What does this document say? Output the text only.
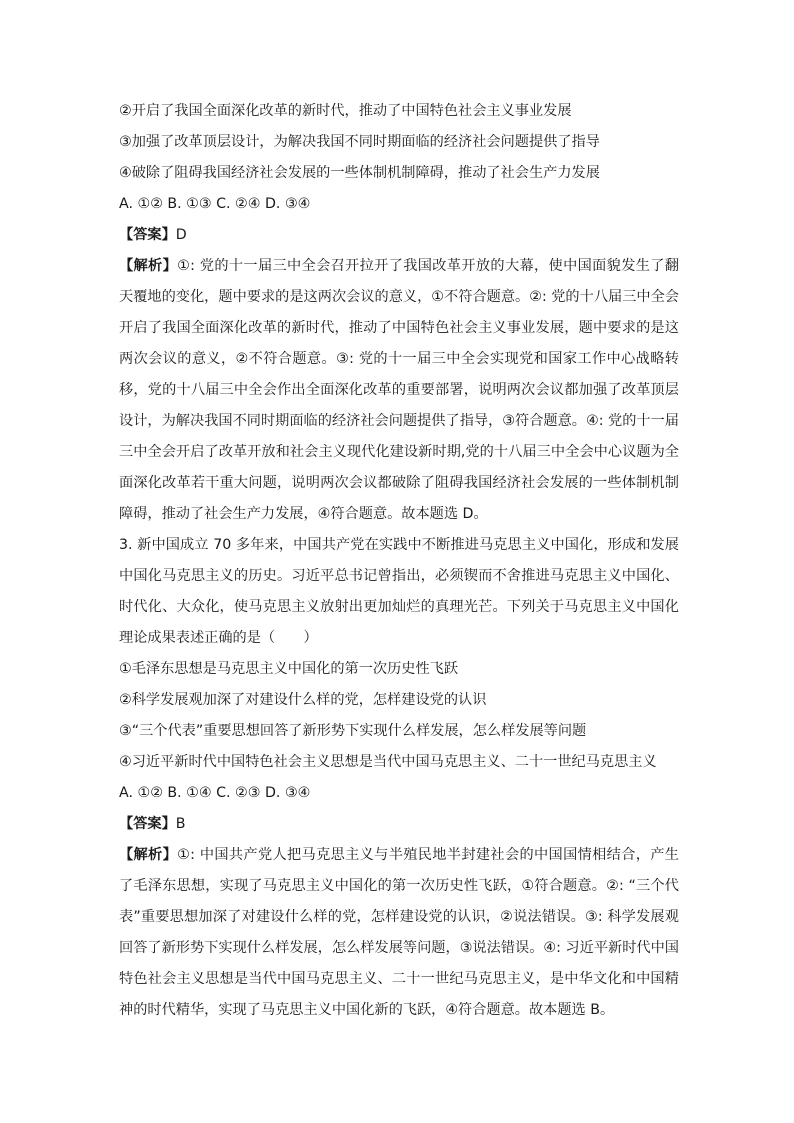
②开启了我国全面深化改革的新时代，推动了中国特色社会主义事业发展

③加强了改革顶层设计，为解决我国不同时期面临的经济社会问题提供了指导

④破除了阻碍我国经济社会发展的一些体制机制障碍，推动了社会生产力发展

A. ①② B. ①③ C. ②④ D. ③④

【答案】D

【解析】①: 党的十一届三中全会召开拉开了我国改革开放的大幕，使中国面貌发生了翻天覆地的变化，题中要求的是这两次会议的意义，①不符合题意。②: 党的十八届三中全会开启了我国全面深化改革的新时代，推动了中国特色社会主义事业发展，题中要求的是这两次会议的意义，②不符合题意。③: 党的十一届三中全会实现党和国家工作中心战略转移，党的十八届三中全会作出全面深化改革的重要部署，说明两次会议都加强了改革顶层设计，为解决我国不同时期面临的经济社会问题提供了指导，③符合题意。④: 党的十一届三中全会开启了改革开放和社会主义现代化建设新时期,党的十八届三中全会中心议题为全面深化改革若干重大问题，说明两次会议都破除了阻碍我国经济社会发展的一些体制机制障碍，推动了社会生产力发展，④符合题意。故本题选 D。

3. 新中国成立 70 多年来，中国共产党在实践中不断推进马克思主义中国化，形成和发展中国化马克思主义的历史。习近平总书记曾指出，必须锲而不舍推进马克思主义中国化、时代化、大众化，使马克思主义放射出更加灿烂的真理光芒。下列关于马克思主义中国化理论成果表述正确的是（　　）

①毛泽东思想是马克思主义中国化的第一次历史性飞跃

②科学发展观加深了对建设什么样的党，怎样建设党的认识

③“三个代表”重要思想回答了新形势下实现什么样发展，怎么样发展等问题

④习近平新时代中国特色社会主义思想是当代中国马克思主义、二十一世纪马克思主义

A. ①② B. ①④ C. ②③ D. ③④

【答案】B

【解析】①: 中国共产党人把马克思主义与半殖民地半封建社会的中国国情相结合，产生了毛泽东思想，实现了马克思主义中国化的第一次历史性飞跃，①符合题意。②: “三个代表”重要思想加深了对建设什么样的党，怎样建设党的认识，②说法错误。③: 科学发展观回答了新形势下实现什么样发展，怎么样发展等问题，③说法错误。④: 习近平新时代中国特色社会主义思想是当代中国马克思主义、二十一世纪马克思主义，是中华文化和中国精神的时代精华，实现了马克思主义中国化新的飞跃，④符合题意。故本题选 B。
